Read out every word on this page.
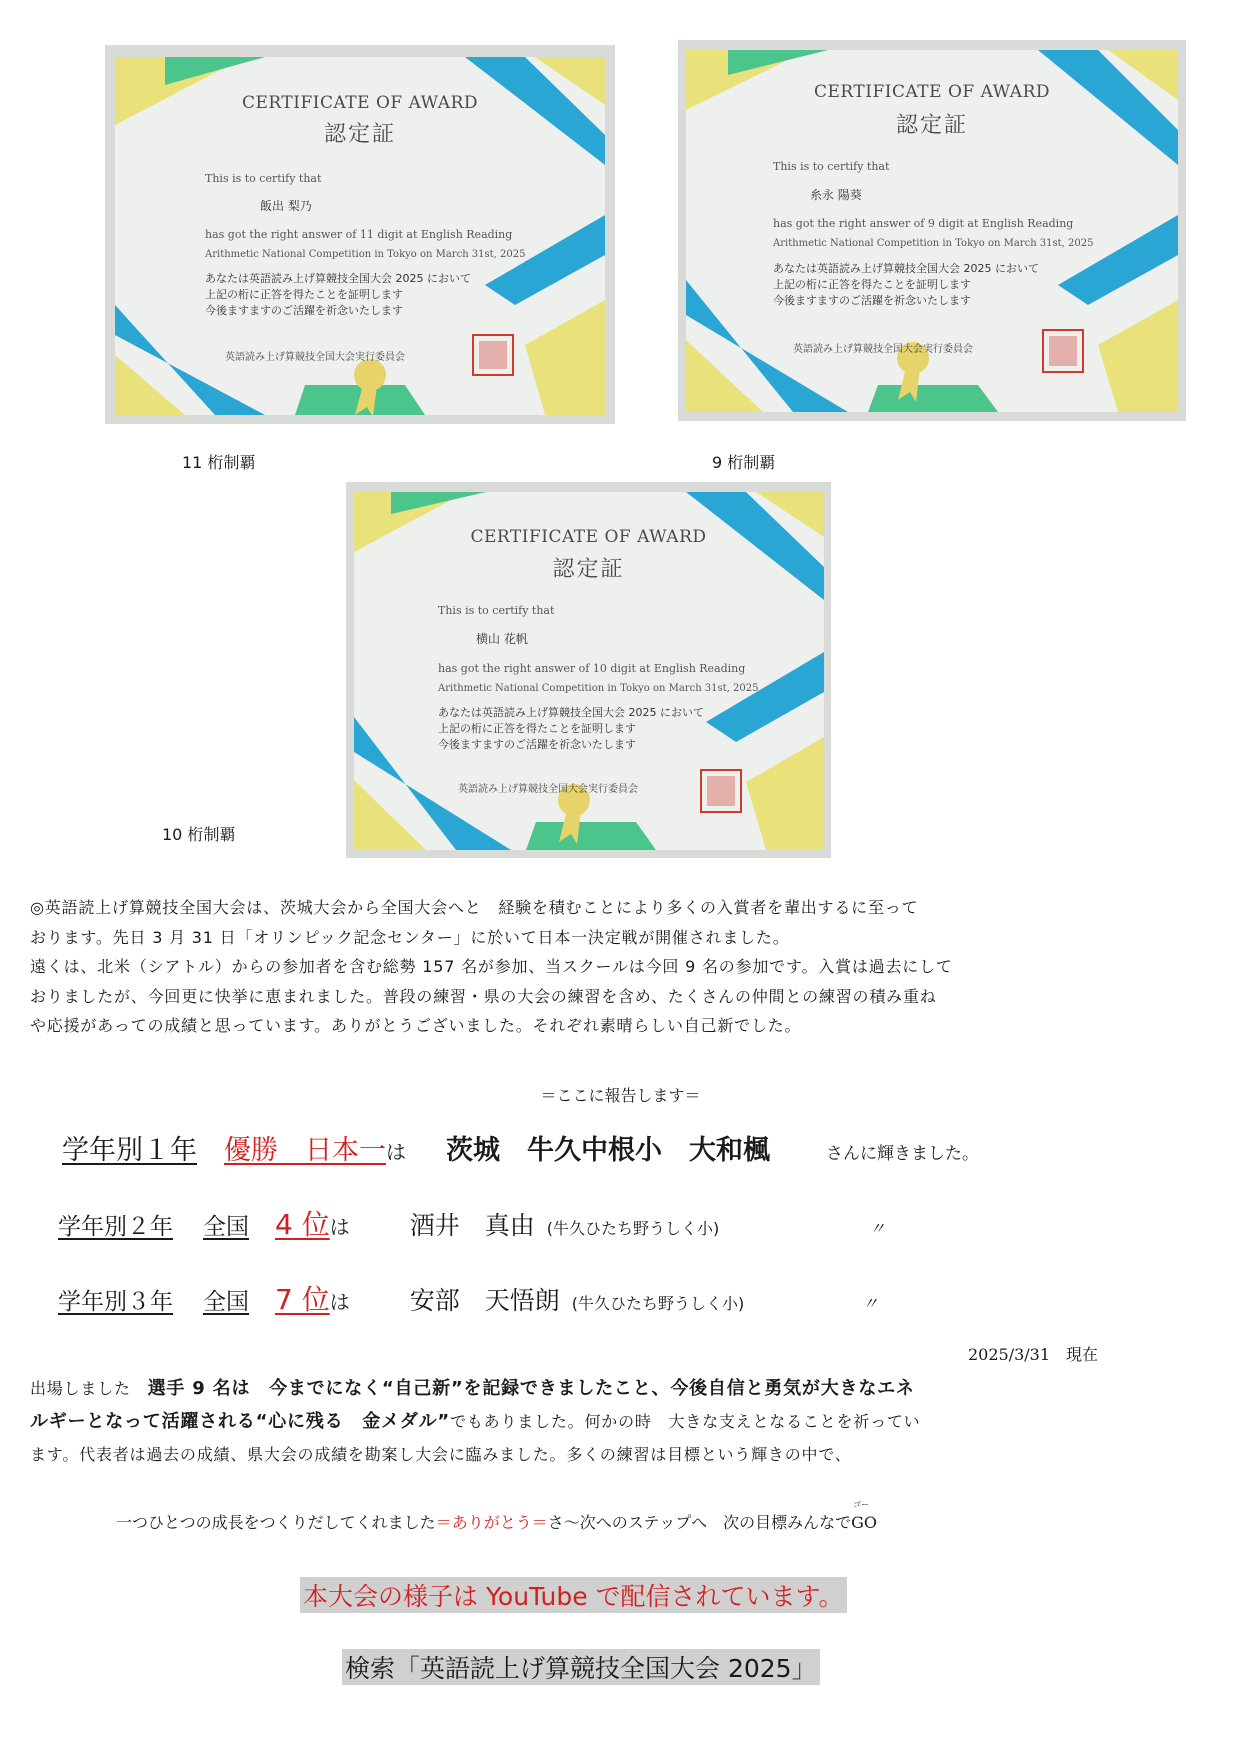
CERTIFICATE OF AWARD
認定証
This is to certify that
飯出 梨乃
has got the right answer of 11 digit at English Reading
Arithmetic National Competition in Tokyo on March 31st, 2025
あなたは英語読み上げ算競技全国大会 2025 において
上記の桁に正答を得たことを証明します
今後ますますのご活躍を祈念いたします
英語読み上げ算競技全国大会実行委員会
11 桁制覇
CERTIFICATE OF AWARD
認定証
This is to certify that
糸永 陽葵
has got the right answer of 9 digit at English Reading
Arithmetic National Competition in Tokyo on March 31st, 2025
あなたは英語読み上げ算競技全国大会 2025 において
上記の桁に正答を得たことを証明します
今後ますますのご活躍を祈念いたします
英語読み上げ算競技全国大会実行委員会
9 桁制覇
CERTIFICATE OF AWARD
認定証
This is to certify that
横山 花帆
has got the right answer of 10 digit at English Reading
Arithmetic National Competition in Tokyo on March 31st, 2025
あなたは英語読み上げ算競技全国大会 2025 において
上記の桁に正答を得たことを証明します
今後ますますのご活躍を祈念いたします
英語読み上げ算競技全国大会実行委員会
10 桁制覇
◎英語読上げ算競技全国大会は、茨城大会から全国大会へと　経験を積むことにより多くの入賞者を輩出するに至って
おります。先日 3 月 31 日「オリンピック記念センター」に於いて日本一決定戦が開催されました。
遠くは、北米（シアトル）からの参加者を含む総勢 157 名が参加、当スクールは今回 9 名の参加です。入賞は過去にして
おりましたが、今回更に快挙に恵まれました。普段の練習・県の大会の練習を含め、たくさんの仲間との練習の積み重ね
や応援があっての成績と思っています。ありがとうございました。それぞれ素晴らしい自己新でした。
＝ここに報告します＝
学年別１年　 優勝　日本一は 茨城　牛久中根小　大和楓	さんに輝きました。
学年別２年 全国 4 位は 酒井　真由 (牛久ひたち野うしく小)	〃
学年別３年 全国 7 位は 安部　天悟朗 (牛久ひたち野うしく小)	〃
2025/3/31　現在
出場しました　選手 9 名は　今までになく“自己新”を記録できましたこと、今後自信と勇気が大きなエネ
ルギーとなって活躍される“心に残る　金メダル”でもありました。何かの時　大きな支えとなることを祈ってい
ます。代表者は過去の成績、県大会の成績を勘案し大会に臨みました。多くの練習は目標という輝きの中で、
一つひとつの成長をつくりだしてくれました＝ありがとう＝さ～次へのステップへ　次の目標みんなで
ゴー
GO
本大会の様子は YouTube で配信されています。
検索「英語読上げ算競技全国大会 2025」
